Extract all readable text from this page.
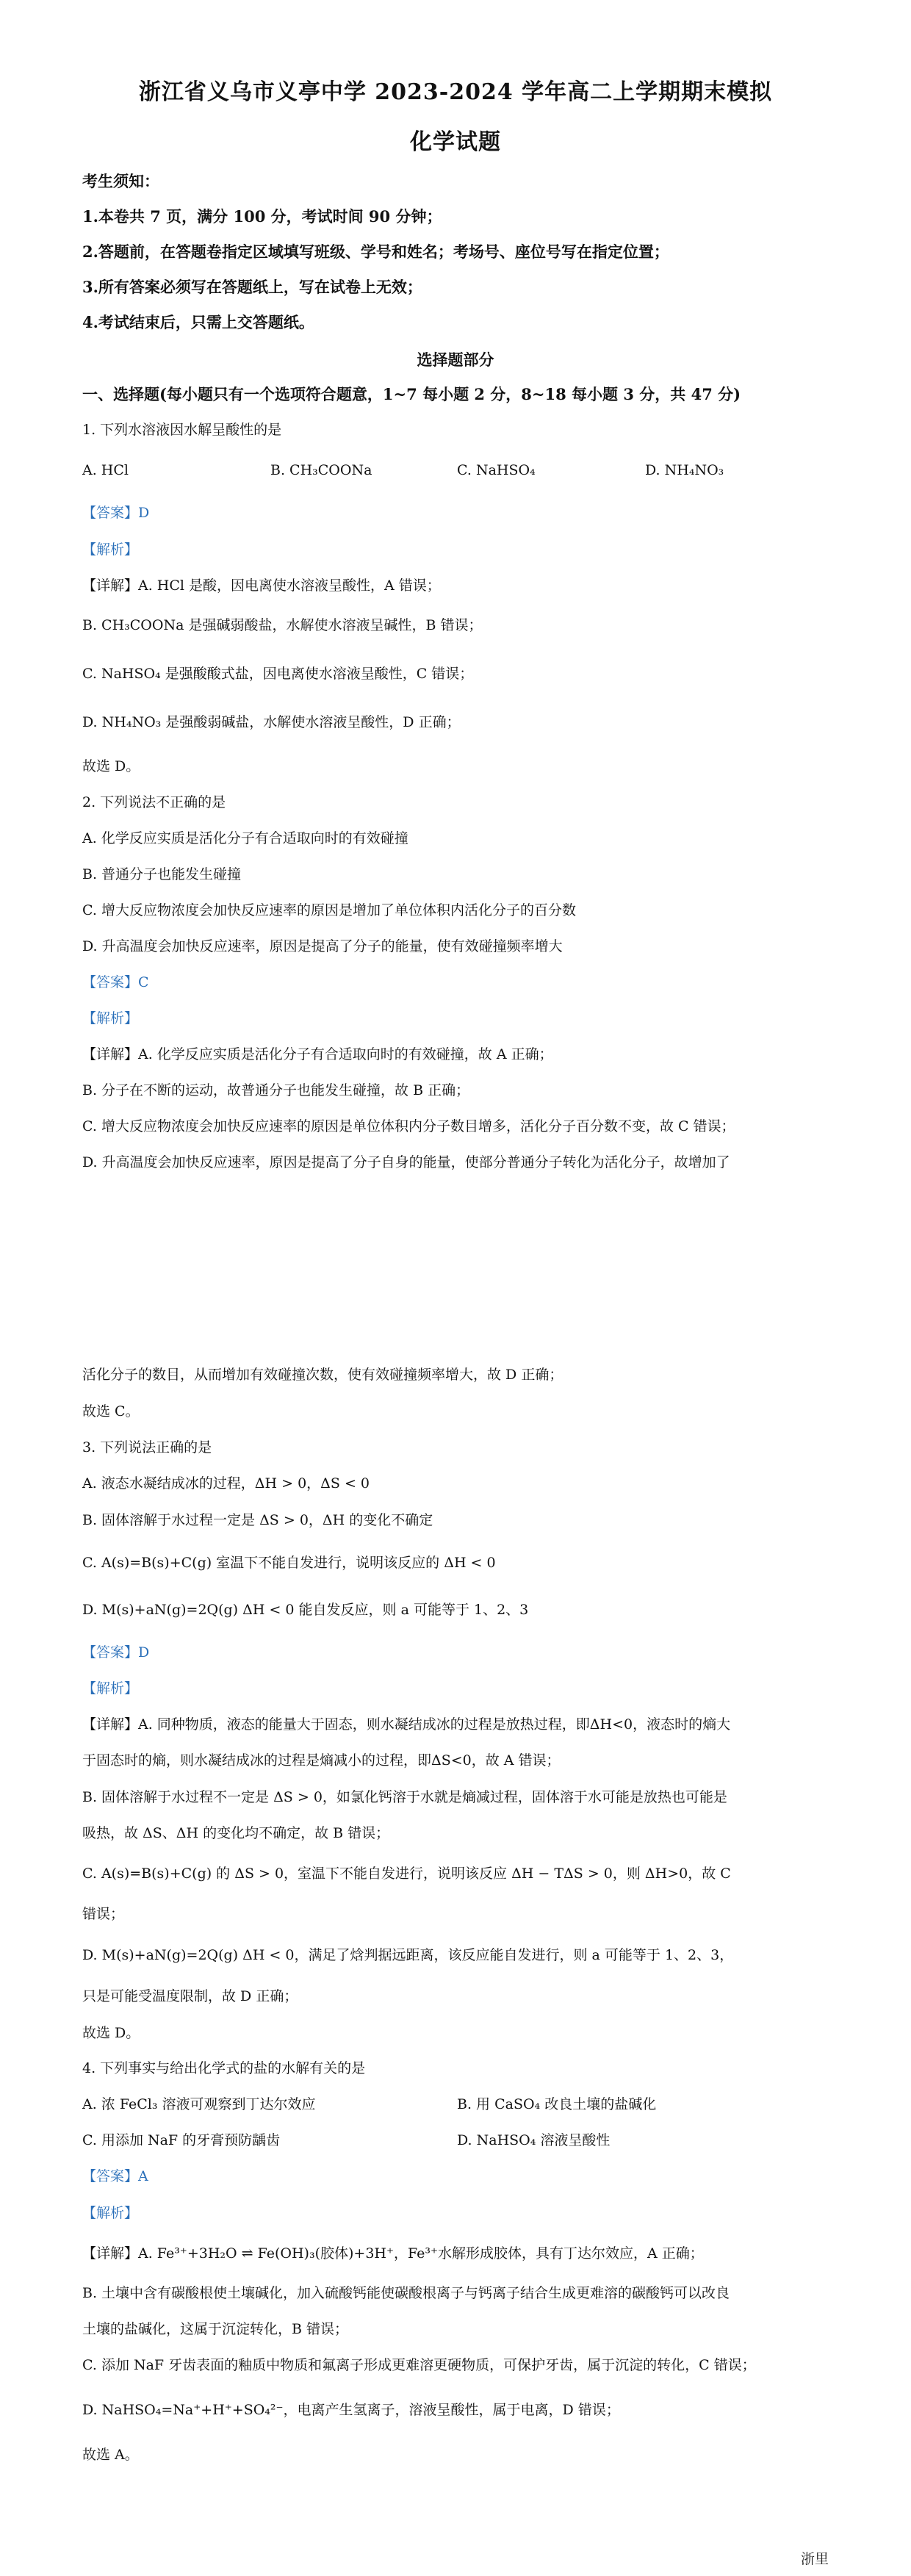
浙江省义乌市义亭中学 2023-2024 学年高二上学期期末模拟
化学试题
考生须知：
1.本卷共 7 页，满分 100 分，考试时间 90 分钟；
2.答题前，在答题卷指定区域填写班级、学号和姓名；考场号、座位号写在指定位置；
3.所有答案必须写在答题纸上，写在试卷上无效；
4.考试结束后，只需上交答题纸。
选择题部分
一、选择题(每小题只有一个选项符合题意，1~7 每小题 2 分，8~18 每小题 3 分，共 47 分)
1. 下列水溶液因水解呈酸性的是
A. HCl	B. CH₃COONa	C. NaHSO₄	D. NH₄NO₃
【答案】D
【解析】
【详解】A. HCl 是酸，因电离使水溶液呈酸性，A 错误；
B. CH₃COONa 是强碱弱酸盐，水解使水溶液呈碱性，B 错误；
C. NaHSO₄ 是强酸酸式盐，因电离使水溶液呈酸性，C 错误；
D. NH₄NO₃ 是强酸弱碱盐，水解使水溶液呈酸性，D 正确；
故选 D。
2. 下列说法不正确的是
A. 化学反应实质是活化分子有合适取向时的有效碰撞
B. 普通分子也能发生碰撞
C. 增大反应物浓度会加快反应速率的原因是增加了单位体积内活化分子的百分数
D. 升高温度会加快反应速率，原因是提高了分子的能量，使有效碰撞频率增大
【答案】C
【解析】
【详解】A. 化学反应实质是活化分子有合适取向时的有效碰撞，故 A 正确；
B. 分子在不断的运动，故普通分子也能发生碰撞，故 B 正确；
C. 增大反应物浓度会加快反应速率的原因是单位体积内分子数目增多，活化分子百分数不变，故 C 错误；
D. 升高温度会加快反应速率，原因是提高了分子自身的能量，使部分普通分子转化为活化分子，故增加了
活化分子的数目，从而增加有效碰撞次数，使有效碰撞频率增大，故 D 正确；
故选 C。
3. 下列说法正确的是
A. 液态水凝结成冰的过程，ΔH > 0，ΔS < 0
B. 固体溶解于水过程一定是 ΔS > 0，ΔH 的变化不确定
C. A(s)=B(s)+C(g) 室温下不能自发进行，说明该反应的 ΔH < 0
D. M(s)+aN(g)=2Q(g) ΔH < 0 能自发反应，则 a 可能等于 1、2、3
【答案】D
【解析】
【详解】A. 同种物质，液态的能量大于固态，则水凝结成冰的过程是放热过程，即ΔH<0，液态时的熵大
于固态时的熵，则水凝结成冰的过程是熵减小的过程，即ΔS<0，故 A 错误；
B. 固体溶解于水过程不一定是 ΔS > 0，如氯化钙溶于水就是熵减过程，固体溶于水可能是放热也可能是
吸热，故 ΔS、ΔH 的变化均不确定，故 B 错误；
C. A(s)=B(s)+C(g) 的 ΔS > 0，室温下不能自发进行，说明该反应 ΔH − TΔS > 0，则 ΔH>0，故 C
错误；
D. M(s)+aN(g)=2Q(g) ΔH < 0，满足了焓判据远距离，该反应能自发进行，则 a 可能等于 1、2、3，
只是可能受温度限制，故 D 正确；
故选 D。
4. 下列事实与给出化学式的盐的水解有关的是
A. 浓 FeCl₃ 溶液可观察到丁达尔效应	B. 用 CaSO₄ 改良土壤的盐碱化
C. 用添加 NaF 的牙膏预防龋齿	D. NaHSO₄ 溶液呈酸性
【答案】A
【解析】
【详解】A. Fe³⁺+3H₂O ⇌ Fe(OH)₃(胶体)+3H⁺，Fe³⁺水解形成胶体，具有丁达尔效应，A 正确；
B. 土壤中含有碳酸根使土壤碱化，加入硫酸钙能使碳酸根离子与钙离子结合生成更难溶的碳酸钙可以改良
土壤的盐碱化，这属于沉淀转化，B 错误；
C. 添加 NaF 牙齿表面的釉质中物质和氟离子形成更难溶更硬物质，可保护牙齿，属于沉淀的转化，C 错误；
D. NaHSO₄=Na⁺+H⁺+SO₄²⁻，电离产生氢离子，溶液呈酸性，属于电离，D 错误；
故选 A。
浙里
